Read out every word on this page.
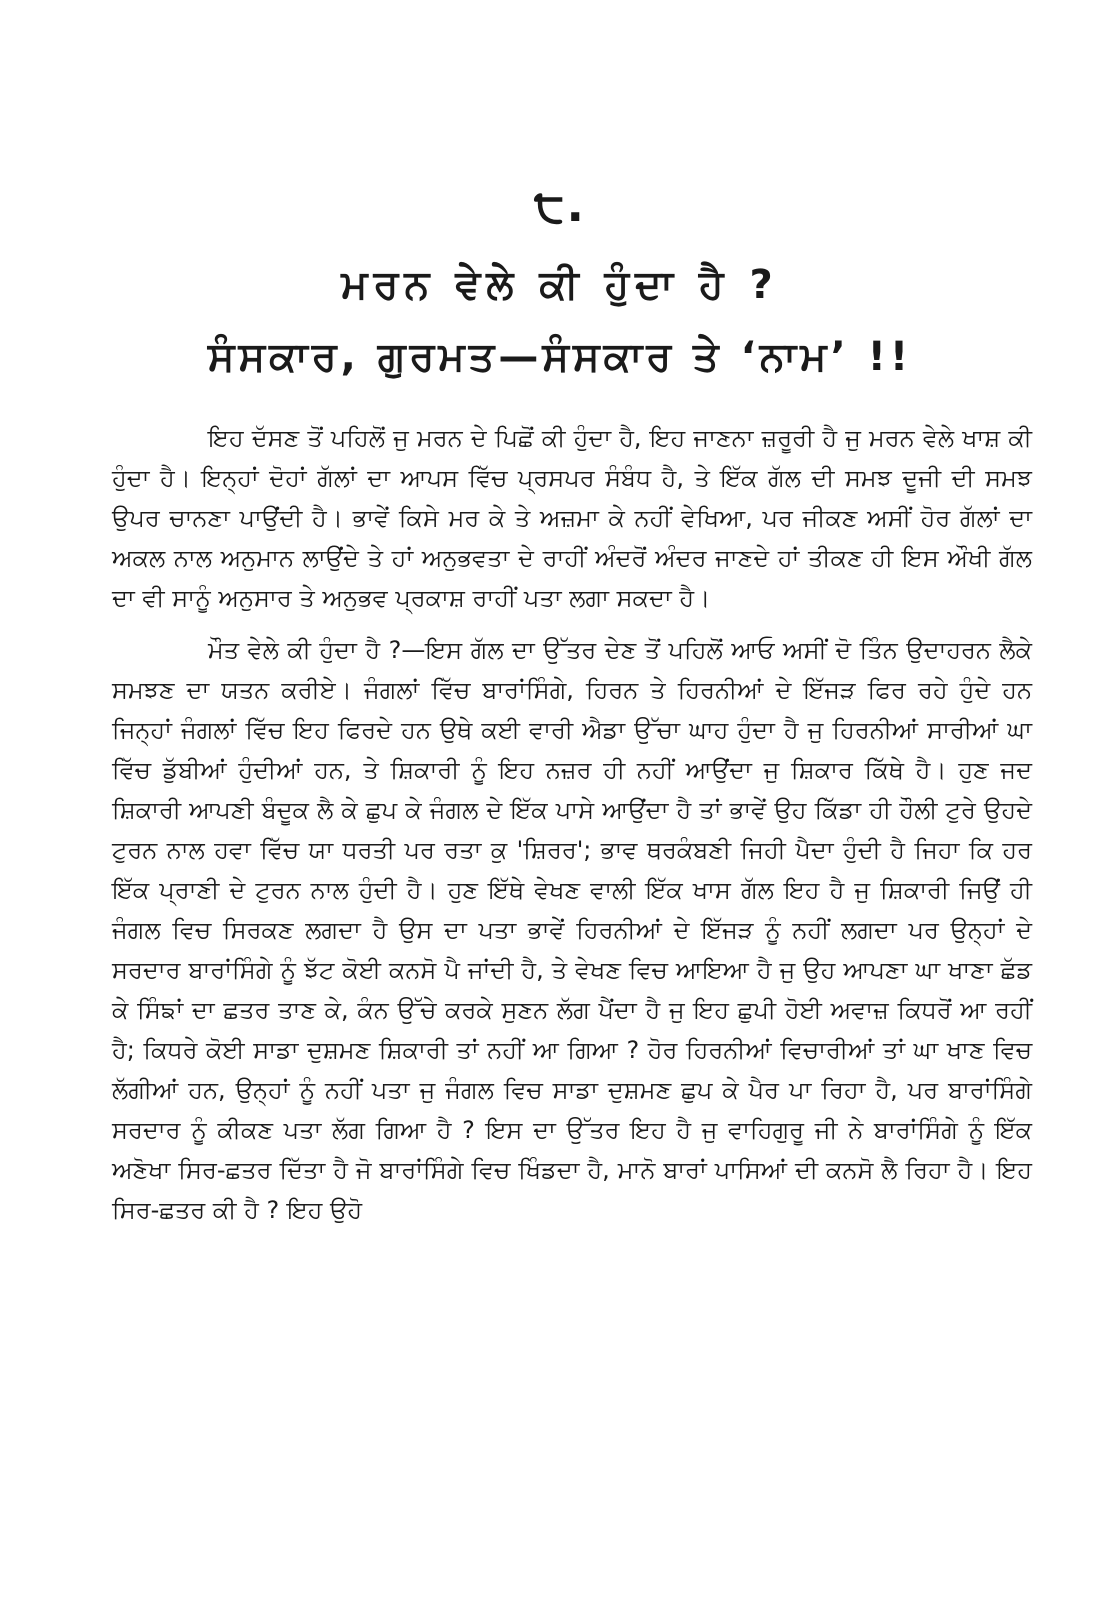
੮.
ਮਰਨ ਵੇਲੇ ਕੀ ਹੁੰਦਾ ਹੈ ?
ਸੰਸਕਾਰ, ਗੁਰਮਤ—ਸੰਸਕਾਰ ਤੇ ‘ਨਾਮ’ !!

ਇਹ ਦੱਸਣ ਤੋਂ ਪਹਿਲੋਂ ਜੁ ਮਰਨ ਦੇ ਪਿਛੋਂ ਕੀ ਹੁੰਦਾ ਹੈ, ਇਹ ਜਾਣਨਾ ਜ਼ਰੂਰੀ ਹੈ ਜੁ ਮਰਨ ਵੇਲੇ ਖਾਸ਼ ਕੀ ਹੁੰਦਾ ਹੈ। ਇਨ੍ਹਾਂ ਦੋਹਾਂ ਗੱਲਾਂ ਦਾ ਆਪਸ ਵਿੱਚ ਪ੍ਰਸਪਰ ਸੰਬੰਧ ਹੈ, ਤੇ ਇੱਕ ਗੱਲ ਦੀ ਸਮਝ ਦੂਜੀ ਦੀ ਸਮਝ ਉਪਰ ਚਾਨਣਾ ਪਾਉਂਦੀ ਹੈ। ਭਾਵੇਂ ਕਿਸੇ ਮਰ ਕੇ ਤੇ ਅਜ਼ਮਾ ਕੇ ਨਹੀਂ ਵੇਖਿਆ, ਪਰ ਜੀਕਣ ਅਸੀਂ ਹੋਰ ਗੱਲਾਂ ਦਾ ਅਕਲ ਨਾਲ ਅਨੁਮਾਨ ਲਾਉਂਦੇ ਤੇ ਹਾਂ ਅਨੁਭਵਤਾ ਦੇ ਰਾਹੀਂ ਅੰਦਰੋਂ ਅੰਦਰ ਜਾਣਦੇ ਹਾਂ ਤੀਕਣ ਹੀ ਇਸ ਔਖੀ ਗੱਲ ਦਾ ਵੀ ਸਾਨੂੰ ਅਨੁਸਾਰ ਤੇ ਅਨੁਭਵ ਪ੍ਰਕਾਸ਼ ਰਾਹੀਂ ਪਤਾ ਲਗਾ ਸਕਦਾ ਹੈ।

ਮੌਤ ਵੇਲੇ ਕੀ ਹੁੰਦਾ ਹੈ ?—ਇਸ ਗੱਲ ਦਾ ਉੱਤਰ ਦੇਣ ਤੋਂ ਪਹਿਲੋਂ ਆਓ ਅਸੀਂ ਦੋ ਤਿੰਨ ਉਦਾਹਰਨ ਲੈਕੇ ਸਮਝਣ ਦਾ ਯਤਨ ਕਰੀਏ। ਜੰਗਲਾਂ ਵਿੱਚ ਬਾਰਾਂਸਿੰਗੇ, ਹਿਰਨ ਤੇ ਹਿਰਨੀਆਂ ਦੇ ਇੱਜੜ ਫਿਰ ਰਹੇ ਹੁੰਦੇ ਹਨ ਜਿਨ੍ਹਾਂ ਜੰਗਲਾਂ ਵਿੱਚ ਇਹ ਫਿਰਦੇ ਹਨ ਉਥੇ ਕਈ ਵਾਰੀ ਐਡਾ ਉੱਚਾ ਘਾਹ ਹੁੰਦਾ ਹੈ ਜੁ ਹਿਰਨੀਆਂ ਸਾਰੀਆਂ ਘਾ ਵਿੱਚ ਡੁੱਬੀਆਂ ਹੁੰਦੀਆਂ ਹਨ, ਤੇ ਸ਼ਿਕਾਰੀ ਨੂੰ ਇਹ ਨਜ਼ਰ ਹੀ ਨਹੀਂ ਆਉਂਦਾ ਜੁ ਸ਼ਿਕਾਰ ਕਿੱਥੇ ਹੈ। ਹੁਣ ਜਦ ਸ਼ਿਕਾਰੀ ਆਪਣੀ ਬੰਦੂਕ ਲੈ ਕੇ ਛੁਪ ਕੇ ਜੰਗਲ ਦੇ ਇੱਕ ਪਾਸੇ ਆਉਂਦਾ ਹੈ ਤਾਂ ਭਾਵੇਂ ਉਹ ਕਿੱਡਾ ਹੀ ਹੌਲੀ ਟੁਰੇ ਉਹਦੇ ਟੁਰਨ ਨਾਲ ਹਵਾ ਵਿੱਚ ਯਾ ਧਰਤੀ ਪਰ ਰਤਾ ਕੁ 'ਸ਼ਿਰਰ'; ਭਾਵ ਥਰਕੰਬਣੀ ਜਿਹੀ ਪੈਦਾ ਹੁੰਦੀ ਹੈ ਜਿਹਾ ਕਿ ਹਰ ਇੱਕ ਪ੍ਰਾਣੀ ਦੇ ਟੁਰਨ ਨਾਲ ਹੁੰਦੀ ਹੈ। ਹੁਣ ਇੱਥੇ ਵੇਖਣ ਵਾਲੀ ਇੱਕ ਖਾਸ ਗੱਲ ਇਹ ਹੈ ਜੁ ਸ਼ਿਕਾਰੀ ਜਿਉਂ ਹੀ ਜੰਗਲ ਵਿਚ ਸਿਰਕਣ ਲਗਦਾ ਹੈ ਉਸ ਦਾ ਪਤਾ ਭਾਵੇਂ ਹਿਰਨੀਆਂ ਦੇ ਇੱਜੜ ਨੂੰ ਨਹੀਂ ਲਗਦਾ ਪਰ ਉਨ੍ਹਾਂ ਦੇ ਸਰਦਾਰ ਬਾਰਾਂਸਿੰਗੇ ਨੂੰ ਝੱਟ ਕੋਈ ਕਨਸੋ ਪੈ ਜਾਂਦੀ ਹੈ, ਤੇ ਵੇਖਣ ਵਿਚ ਆਇਆ ਹੈ ਜੁ ਉਹ ਆਪਣਾ ਘਾ ਖਾਣਾ ਛੱਡ ਕੇ ਸਿੰਙਾਂ ਦਾ ਛਤਰ ਤਾਣ ਕੇ, ਕੰਨ ਉੱਚੇ ਕਰਕੇ ਸੁਣਨ ਲੱਗ ਪੈਂਦਾ ਹੈ ਜੁ ਇਹ ਛੁਪੀ ਹੋਈ ਅਵਾਜ਼ ਕਿਧਰੋਂ ਆ ਰਹੀਂ ਹੈ; ਕਿਧਰੇ ਕੋਈ ਸਾਡਾ ਦੁਸ਼ਮਣ ਸ਼ਿਕਾਰੀ ਤਾਂ ਨਹੀਂ ਆ ਗਿਆ ? ਹੋਰ ਹਿਰਨੀਆਂ ਵਿਚਾਰੀਆਂ ਤਾਂ ਘਾ ਖਾਣ ਵਿਚ ਲੱਗੀਆਂ ਹਨ, ਉਨ੍ਹਾਂ ਨੂੰ ਨਹੀਂ ਪਤਾ ਜੁ ਜੰਗਲ ਵਿਚ ਸਾਡਾ ਦੁਸ਼ਮਣ ਛੁਪ ਕੇ ਪੈਰ ਪਾ ਰਿਹਾ ਹੈ, ਪਰ ਬਾਰਾਂਸਿੰਗੇ ਸਰਦਾਰ ਨੂੰ ਕੀਕਣ ਪਤਾ ਲੱਗ ਗਿਆ ਹੈ ? ਇਸ ਦਾ ਉੱਤਰ ਇਹ ਹੈ ਜੁ ਵਾਹਿਗੁਰੂ ਜੀ ਨੇ ਬਾਰਾਂਸਿੰਗੇ ਨੂੰ ਇੱਕ ਅਣੋਖਾ ਸਿਰ-ਛਤਰ ਦਿੱਤਾ ਹੈ ਜੋ ਬਾਰਾਂਸਿੰਗੇ ਵਿਚ ਖਿੰਡਦਾ ਹੈ, ਮਾਨੋ ਬਾਰਾਂ ਪਾਸਿਆਂ ਦੀ ਕਨਸੋ ਲੈ ਰਿਹਾ ਹੈ। ਇਹ ਸਿਰ-ਛਤਰ ਕੀ ਹੈ ? ਇਹ ਉਹੋ
